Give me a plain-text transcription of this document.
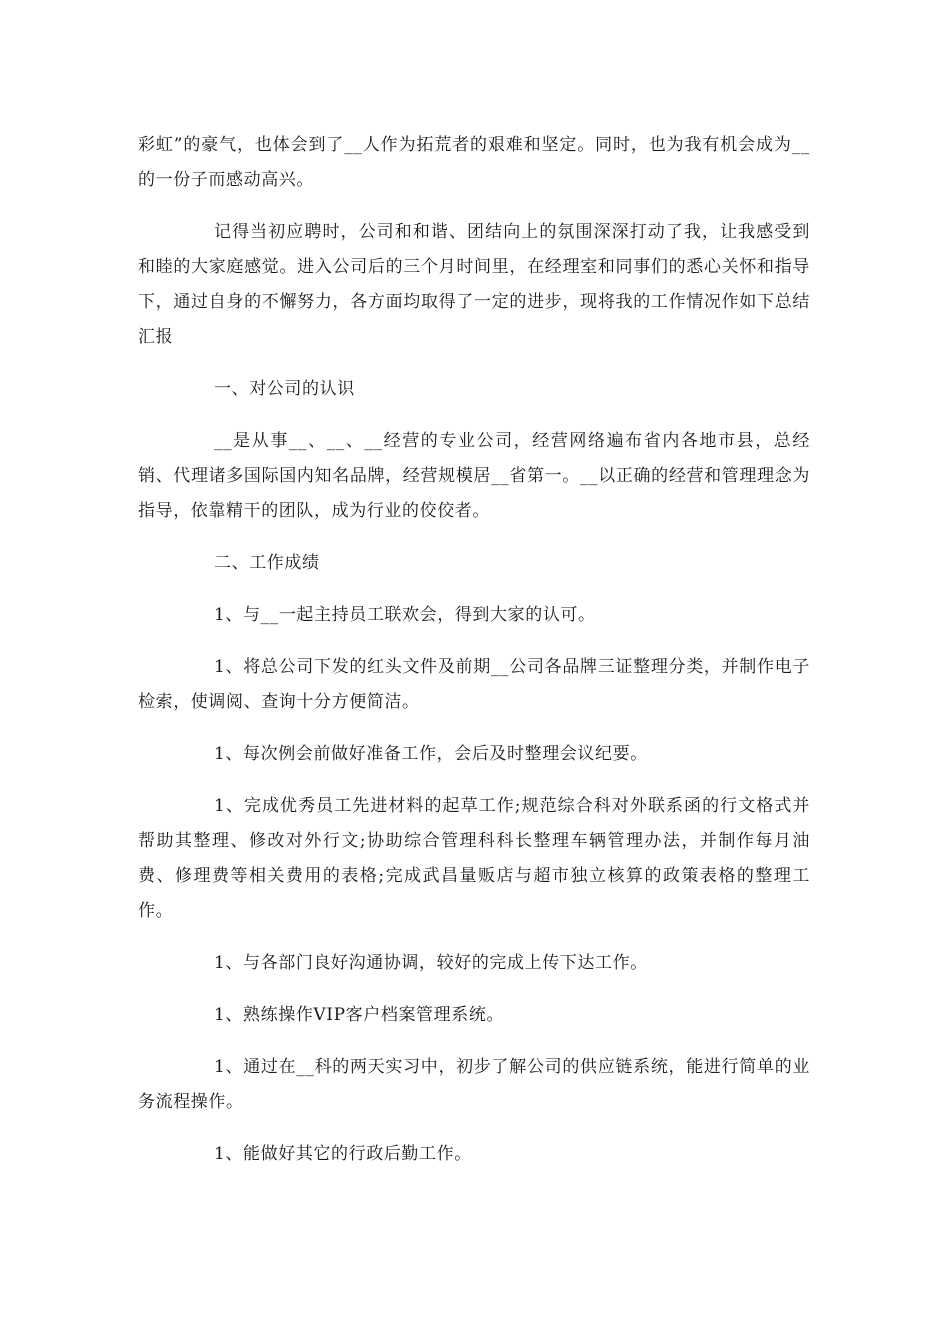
彩虹”的豪气，也体会到了__人作为拓荒者的艰难和坚定。同时，也为我有机会成为__的一份子而感动高兴。

记得当初应聘时，公司和和谐、团结向上的氛围深深打动了我，让我感受到和睦的大家庭感觉。进入公司后的三个月时间里，在经理室和同事们的悉心关怀和指导下，通过自身的不懈努力，各方面均取得了一定的进步，现将我的工作情况作如下总结汇报

一、对公司的认识

__是从事__、__、__经营的专业公司，经营网络遍布省内各地市县，总经销、代理诸多国际国内知名品牌，经营规模居__省第一。__以正确的经营和管理理念为指导，依靠精干的团队，成为行业的佼佼者。

二、工作成绩

1、与__一起主持员工联欢会，得到大家的认可。

1、将总公司下发的红头文件及前期__公司各品牌三证整理分类，并制作电子检索，使调阅、查询十分方便简洁。

1、每次例会前做好准备工作，会后及时整理会议纪要。

1、完成优秀员工先进材料的起草工作;规范综合科对外联系函的行文格式并帮助其整理、修改对外行文;协助综合管理科科长整理车辆管理办法，并制作每月油费、修理费等相关费用的表格;完成武昌量贩店与超市独立核算的政策表格的整理工作。

1、与各部门良好沟通协调，较好的完成上传下达工作。

1、熟练操作VIP客户档案管理系统。

1、通过在__科的两天实习中，初步了解公司的供应链系统，能进行简单的业务流程操作。

1、能做好其它的行政后勤工作。
